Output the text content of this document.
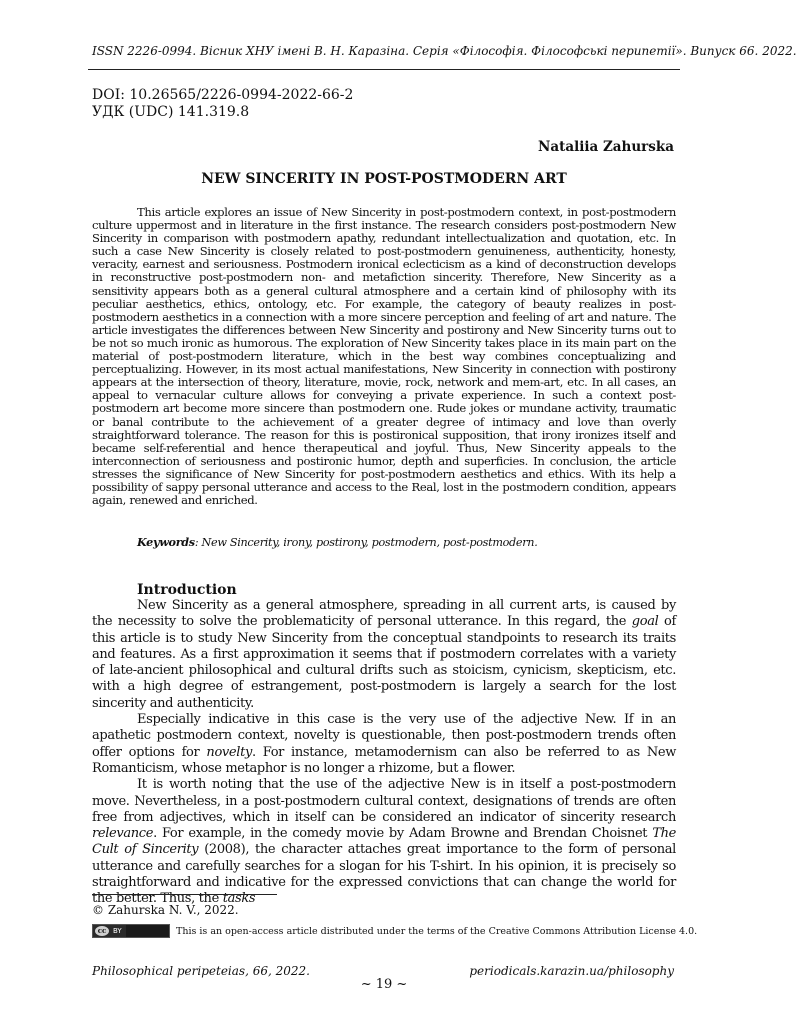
ISSN 2226-0994. Вісник ХНУ імені В. Н. Каразіна. Серія «Філософія. Філософські перипетії». Випуск 66. 2022.
DOI: 10.26565/2226-0994-2022-66-2
УДК (UDC) 141.319.8
Nataliia Zahurska
NEW SINCERITY IN POST-POSTMODERN ART

This article explores an issue of New Sincerity in post-postmodern context, in post-postmodern culture uppermost and in literature in the first instance. The research considers post-postmodern New Sincerity in comparison with postmodern apathy, redundant intellectualization and quotation, etc. In such a case New Sincerity is closely related to post-postmodern genuineness, authenticity, honesty, veracity, earnest and seriousness. Postmodern ironical eclecticism as a kind of deconstruction develops in reconstructive post-postmodern non- and metafiction sincerity. Therefore, New Sincerity as a sensitivity appears both as a general cultural atmosphere and a certain kind of philosophy with its peculiar aesthetics, ethics, ontology, etc. For example, the category of beauty realizes in post-postmodern aesthetics in a connection with a more sincere perception and feeling of art and nature. The article investigates the differences between New Sincerity and postirony and New Sincerity turns out to be not so much ironic as humorous. The exploration of New Sincerity takes place in its main part on the material of post-postmodern literature, which in the best way combines conceptualizing and perceptualizing. However, in its most actual manifestations, New Sincerity in connection with postirony appears at the intersection of theory, literature, movie, rock, network and mem-art, etc. In all cases, an appeal to vernacular culture allows for conveying a private experience. In such a context post-postmodern art become more sincere than postmodern one. Rude jokes or mundane activity, traumatic or banal contribute to the achievement of a greater degree of intimacy and love than overly straightforward tolerance. The reason for this is postironical supposition, that irony ironizes itself and became self-referential and hence therapeutical and joyful. Thus, New Sincerity appeals to the interconnection of seriousness and postironic humor, depth and superficies. In conclusion, the article stresses the significance of New Sincerity for post-postmodern aesthetics and ethics. With its help a possibility of sappy personal utterance and access to the Real, lost in the postmodern condition, appears again, renewed and enriched.

Keywords: New Sincerity, irony, postirony, postmodern, post-postmodern.
Introduction

New Sincerity as a general atmosphere, spreading in all current arts, is caused by the necessity to solve the problematicity of personal utterance. In this regard, the goal of this article is to study New Sincerity from the conceptual standpoints to research its traits and features. As a first approximation it seems that if postmodern correlates with a variety of late-ancient philosophical and cultural drifts such as stoicism, cynicism, skepticism, etc. with a high degree of estrangement, post-postmodern is largely a search for the lost sincerity and authenticity.

Especially indicative in this case is the very use of the adjective New. If in an apathetic postmodern context, novelty is questionable, then post-postmodern trends often offer options for novelty. For instance, metamodernism can also be referred to as New Romanticism, whose metaphor is no longer a rhizome, but a flower.

It is worth noting that the use of the adjective New is in itself a post-postmodern move. Nevertheless, in a post-postmodern cultural context, designations of trends are often free from adjectives, which in itself can be considered an indicator of sincerity research relevance. For example, in the comedy movie by Adam Browne and Brendan Choisnet The Cult of Sincerity (2008), the character attaches great importance to the form of personal utterance and carefully searches for a slogan for his T-shirt. In his opinion, it is precisely so straightforward and indicative for the expressed convictions that can change the world for the better. Thus, the tasks

© Zahurska N. V., 2022.
cc BY	This is an open-access article distributed under the terms of the Creative Commons Attribution License 4.0.
Philosophical peripeteias, 66, 2022.	periodicals.karazin.ua/philosophy
~ 19 ~
